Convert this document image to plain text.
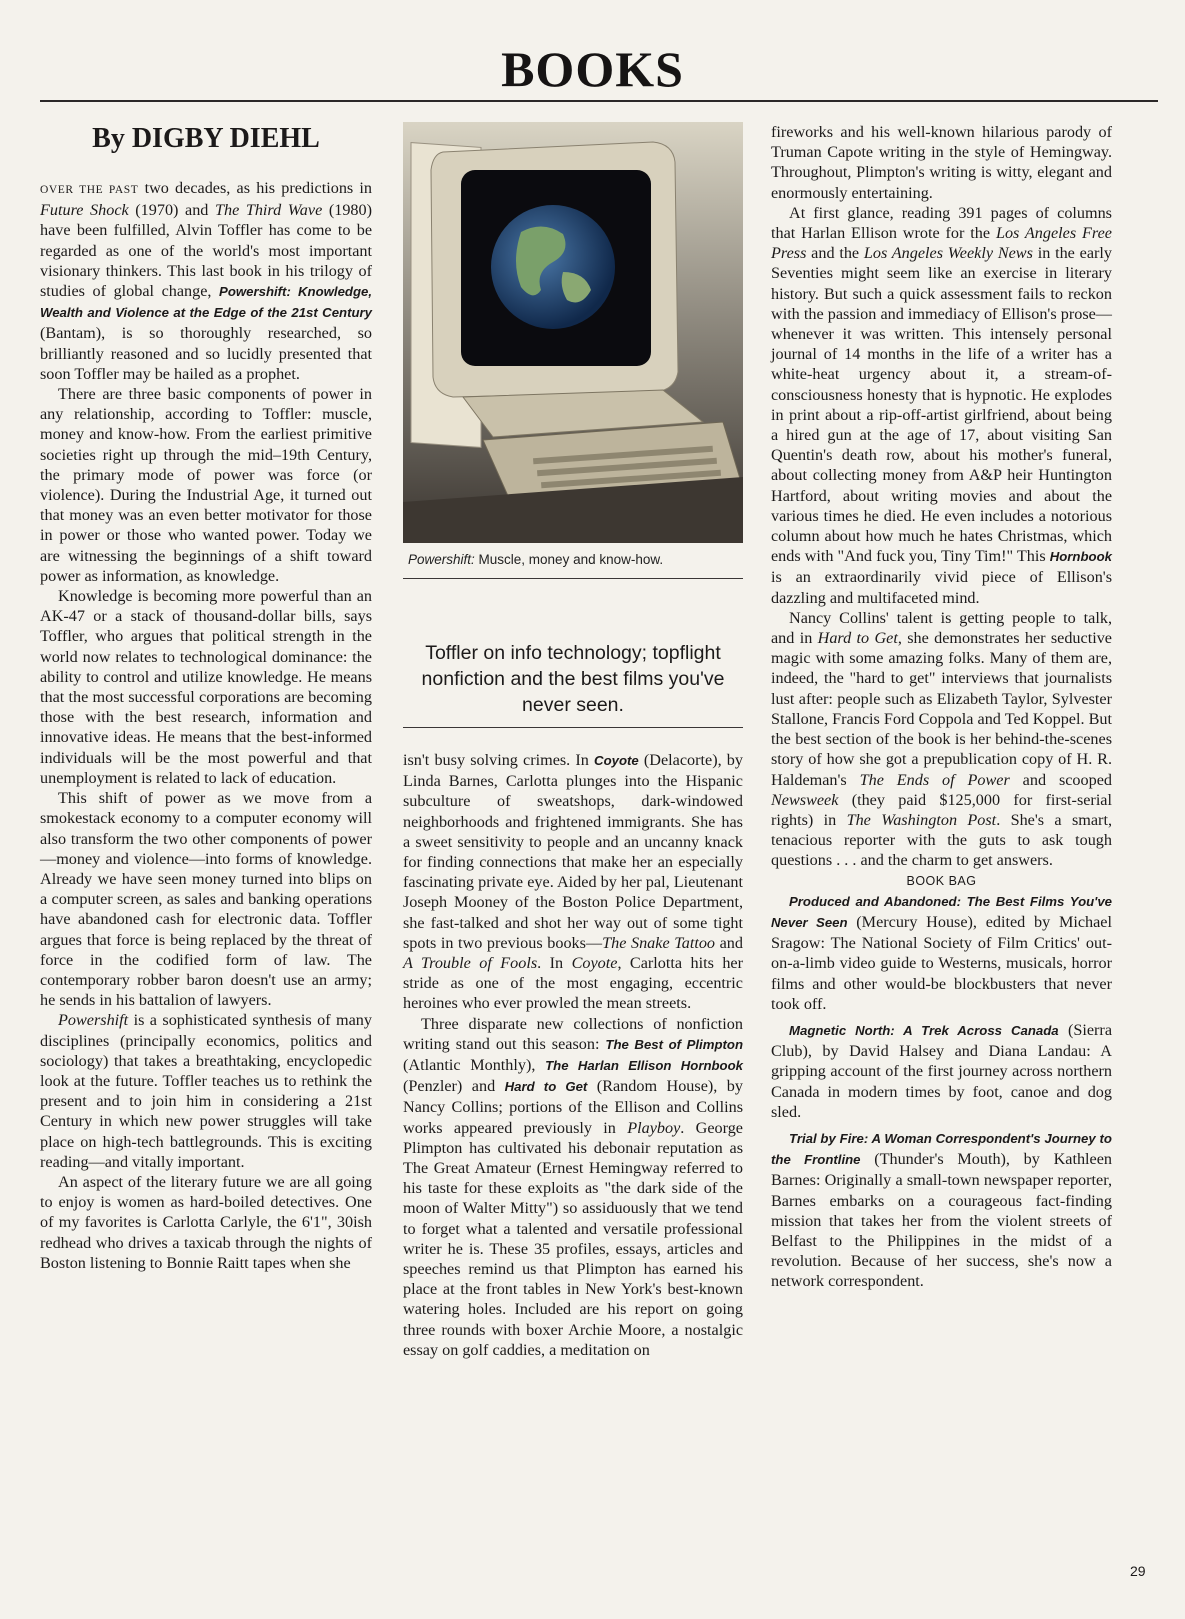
BOOKS
By DIGBY DIEHL

OVER THE PAST two decades, as his predictions in Future Shock (1970) and The Third Wave (1980) have been fulfilled, Alvin Toffler has come to be regarded as one of the world's most important visionary thinkers. This last book in his trilogy of studies of global change, Powershift: Knowledge, Wealth and Violence at the Edge of the 21st Century (Bantam), is so thoroughly researched, so brilliantly reasoned and so lucidly presented that soon Toffler may be hailed as a prophet.

There are three basic components of power in any relationship, according to Toffler: muscle, money and know-how. From the earliest primitive societies right up through the mid–19th Century, the primary mode of power was force (or violence). During the Industrial Age, it turned out that money was an even better motivator for those in power or those who wanted power. Today we are witnessing the beginnings of a shift toward power as information, as knowledge.

Knowledge is becoming more powerful than an AK-47 or a stack of thousand-dollar bills, says Toffler, who argues that political strength in the world now relates to technological dominance: the ability to control and utilize knowledge. He means that the most successful corporations are becoming those with the best research, information and innovative ideas. He means that the best-informed individuals will be the most powerful and that unemployment is related to lack of education.

This shift of power as we move from a smokestack economy to a computer economy will also transform the two other components of power—money and violence—into forms of knowledge. Already we have seen money turned into blips on a computer screen, as sales and banking operations have abandoned cash for electronic data. Toffler argues that force is being replaced by the threat of force in the codified form of law. The contemporary robber baron doesn't use an army; he sends in his battalion of lawyers.

Powershift is a sophisticated synthesis of many disciplines (principally economics, politics and sociology) that takes a breathtaking, encyclopedic look at the future. Toffler teaches us to rethink the present and to join him in considering a 21st Century in which new power struggles will take place on high-tech battlegrounds. This is exciting reading—and vitally important.

An aspect of the literary future we are all going to enjoy is women as hard-boiled detectives. One of my favorites is Carlotta Carlyle, the 6'1", 30ish redhead who drives a taxicab through the nights of Boston listening to Bonnie Raitt tapes when she

Powershift: Muscle, money and know-how.
Toffler on info technology; topflight nonfiction and the best films you've never seen.

isn't busy solving crimes. In Coyote (Delacorte), by Linda Barnes, Carlotta plunges into the Hispanic subculture of sweatshops, dark-windowed neighborhoods and frightened immigrants. She has a sweet sensitivity to people and an uncanny knack for finding connections that make her an especially fascinating private eye. Aided by her pal, Lieutenant Joseph Mooney of the Boston Police Department, she fast-talked and shot her way out of some tight spots in two previous books—The Snake Tattoo and A Trouble of Fools. In Coyote, Carlotta hits her stride as one of the most engaging, eccentric heroines who ever prowled the mean streets.

Three disparate new collections of nonfiction writing stand out this season: The Best of Plimpton (Atlantic Monthly), The Harlan Ellison Hornbook (Penzler) and Hard to Get (Random House), by Nancy Collins; portions of the Ellison and Collins works appeared previously in Playboy. George Plimpton has cultivated his debonair reputation as The Great Amateur (Ernest Hemingway referred to his taste for these exploits as "the dark side of the moon of Walter Mitty") so assiduously that we tend to forget what a talented and versatile professional writer he is. These 35 profiles, essays, articles and speeches remind us that Plimpton has earned his place at the front tables in New York's best-known watering holes. Included are his report on going three rounds with boxer Archie Moore, a nostalgic essay on golf caddies, a meditation on

fireworks and his well-known hilarious parody of Truman Capote writing in the style of Hemingway. Throughout, Plimpton's writing is witty, elegant and enormously entertaining.

At first glance, reading 391 pages of columns that Harlan Ellison wrote for the Los Angeles Free Press and the Los Angeles Weekly News in the early Seventies might seem like an exercise in literary history. But such a quick assessment fails to reckon with the passion and immediacy of Ellison's prose—whenever it was written. This intensely personal journal of 14 months in the life of a writer has a white-heat urgency about it, a stream-of-consciousness honesty that is hypnotic. He explodes in print about a rip-off-artist girlfriend, about being a hired gun at the age of 17, about visiting San Quentin's death row, about his mother's funeral, about collecting money from A&P heir Huntington Hartford, about writing movies and about the various times he died. He even includes a notorious column about how much he hates Christmas, which ends with "And fuck you, Tiny Tim!" This Hornbook is an extraordinarily vivid piece of Ellison's dazzling and multifaceted mind.

Nancy Collins' talent is getting people to talk, and in Hard to Get, she demonstrates her seductive magic with some amazing folks. Many of them are, indeed, the "hard to get" interviews that journalists lust after: people such as Elizabeth Taylor, Sylvester Stallone, Francis Ford Coppola and Ted Koppel. But the best section of the book is her behind-the-scenes story of how she got a prepublication copy of H. R. Haldeman's The Ends of Power and scooped Newsweek (they paid $125,000 for first-serial rights) in The Washington Post. She's a smart, tenacious reporter with the guts to ask tough questions . . . and the charm to get answers.

BOOK BAG

Produced and Abandoned: The Best Films You've Never Seen (Mercury House), edited by Michael Sragow: The National Society of Film Critics' out-on-a-limb video guide to Westerns, musicals, horror films and other would-be blockbusters that never took off.

Magnetic North: A Trek Across Canada (Sierra Club), by David Halsey and Diana Landau: A gripping account of the first journey across northern Canada in modern times by foot, canoe and dog sled.

Trial by Fire: A Woman Correspondent's Journey to the Frontline (Thunder's Mouth), by Kathleen Barnes: Originally a small-town newspaper reporter, Barnes embarks on a courageous fact-finding mission that takes her from the violent streets of Belfast to the Philippines in the midst of a revolution. Because of her success, she's now a network correspondent.

29
